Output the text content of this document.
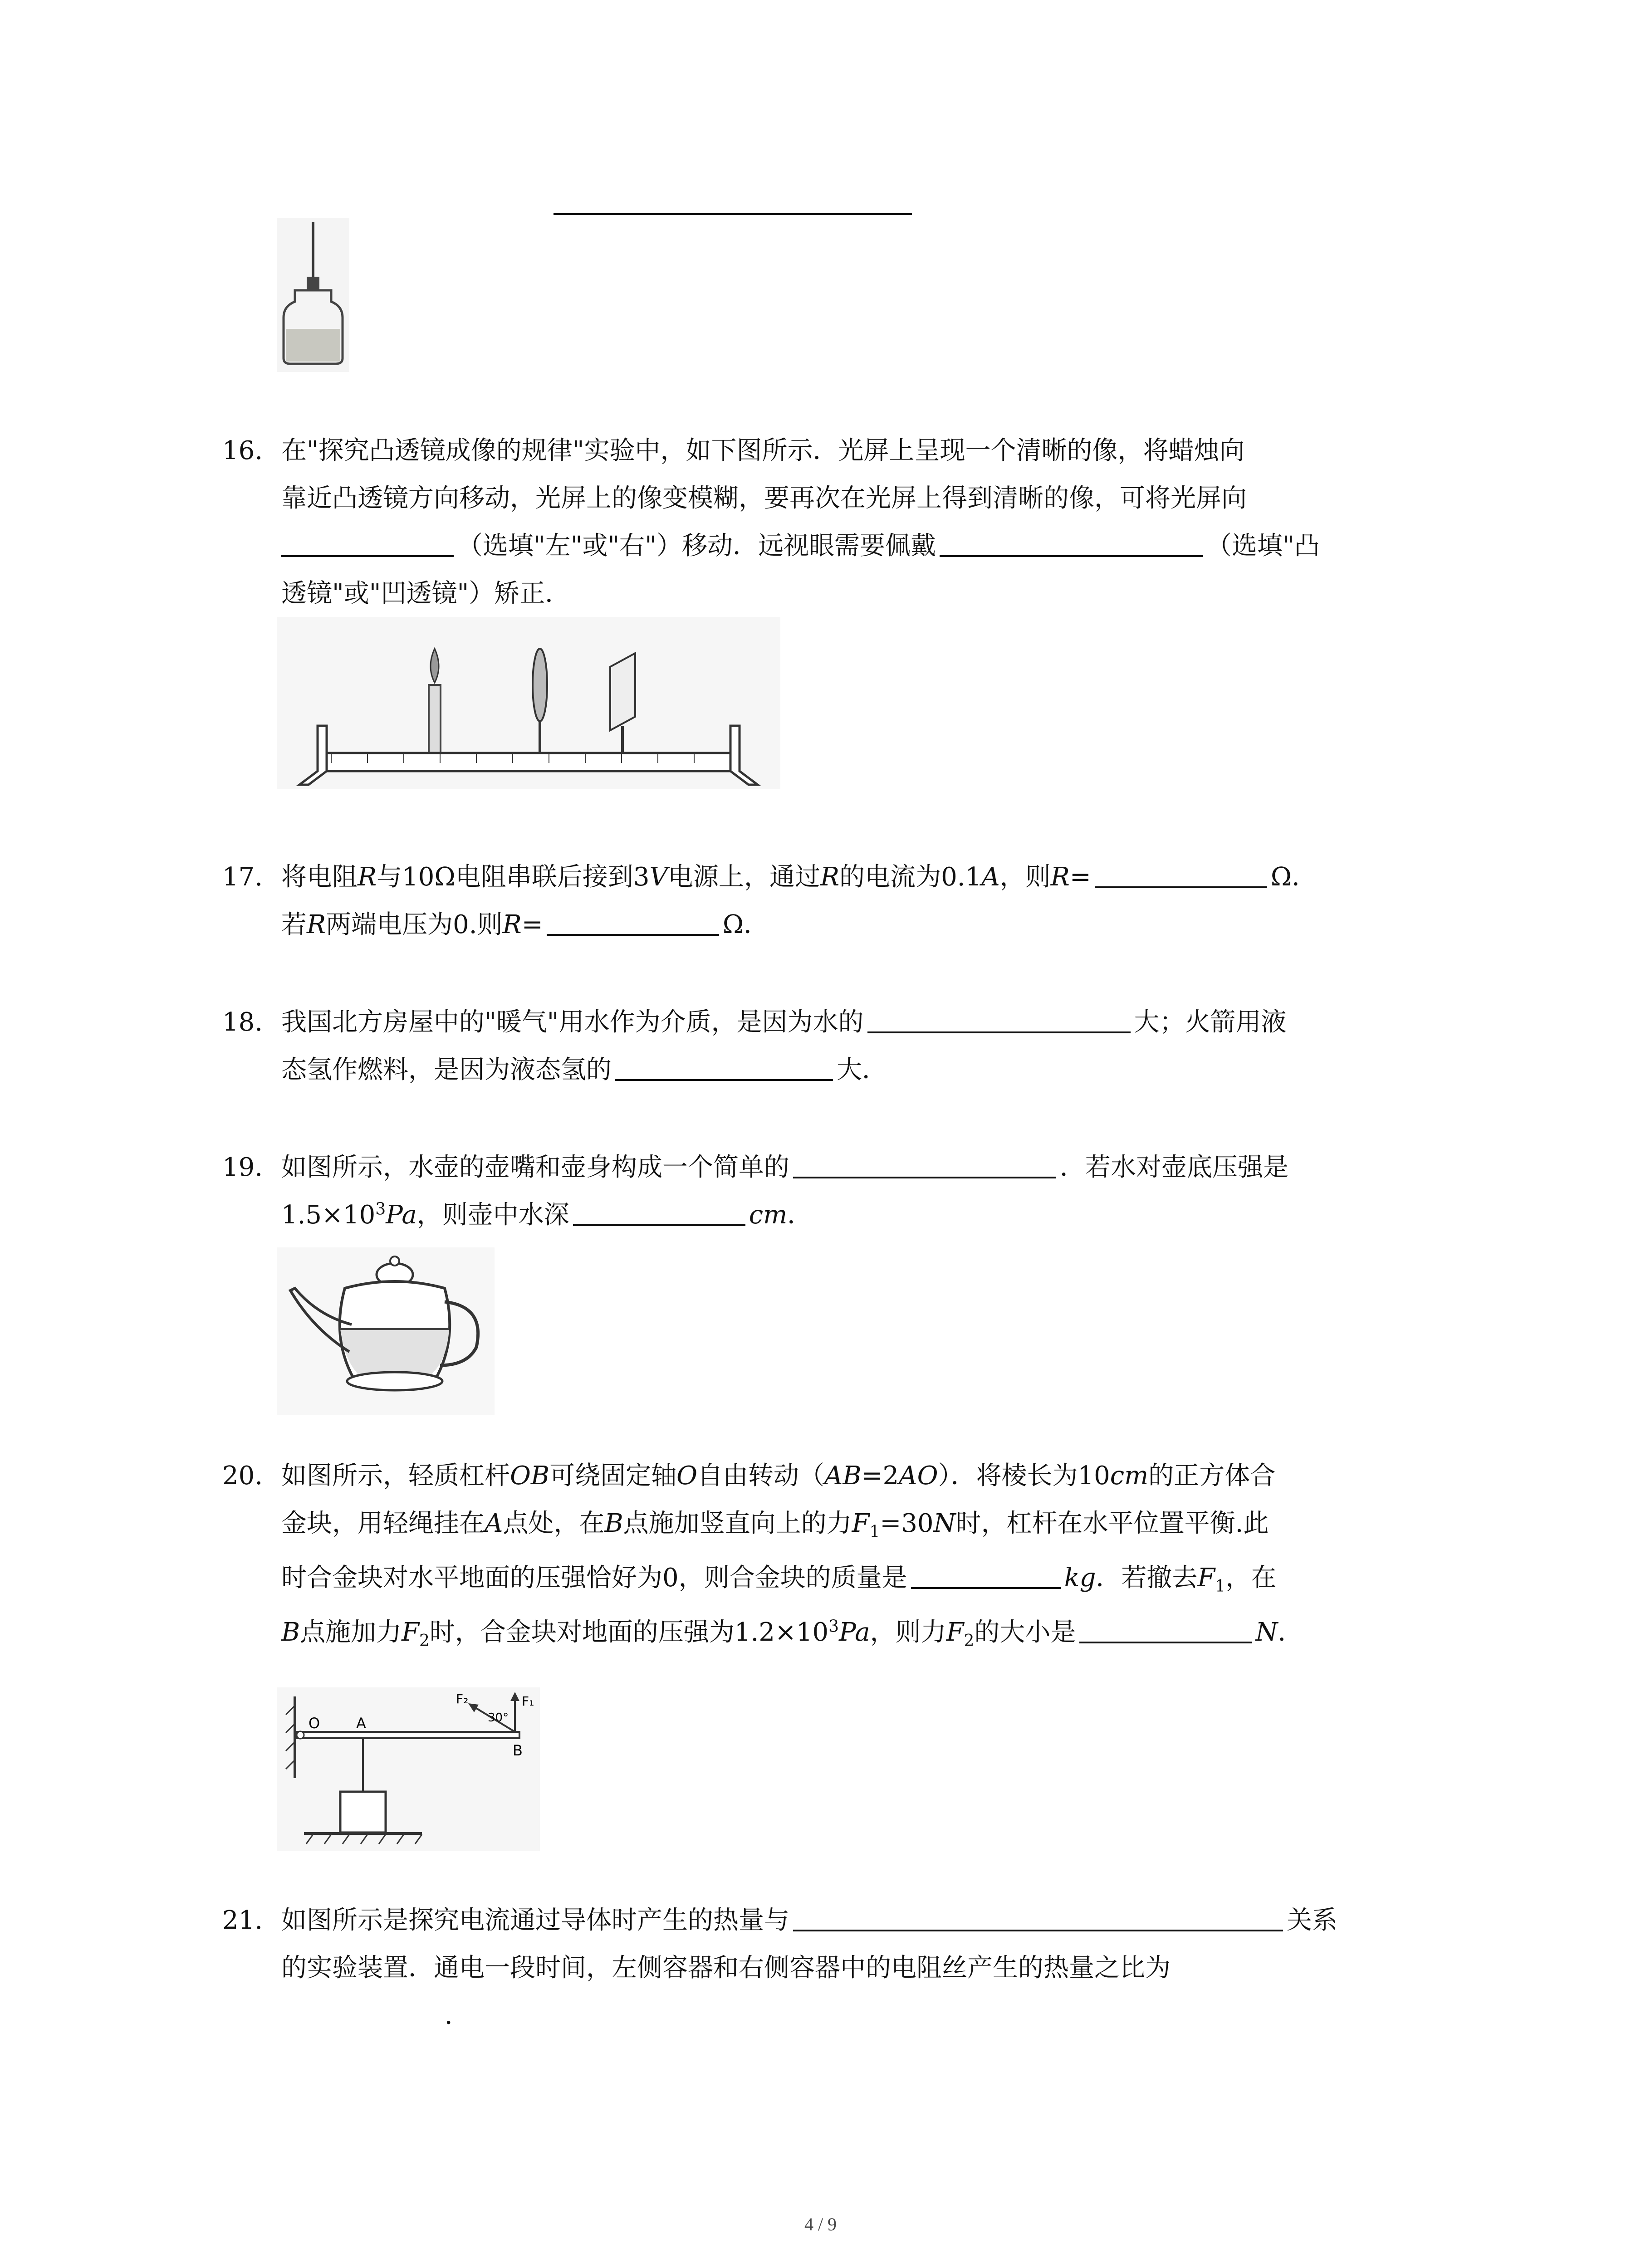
16. 在"探究凸透镜成像的规律"实验中，如下图所示．光屏上呈现一个清晰的像，将蜡烛向
靠近凸透镜方向移动，光屏上的像变模糊，要再次在光屏上得到清晰的像，可将光屏向
（选填"左"或"右"）移动．远视眼需要佩戴	（选填"凸
透镜"或"凹透镜"）矫正．
17. 将电阻R与10Ω电阻串联后接到3V电源上，通过R的电流为0.1A，则R=	Ω．
若R两端电压为0.则R=	Ω．
18. 我国北方房屋中的"暖气"用水作为介质，是因为水的	大；火箭用液
态氢作燃料，是因为液态氢的	大．
19. 如图所示，水壶的壶嘴和壶身构成一个简单的	．若水对壶底压强是
$1.5\times 10^3Pa$，则壶中水深	cm．
20. 如图所示，轻质杠杆OB可绕固定轴O自由转动（AB=2AO）．将棱长为10cm的正方体合
金块，用轻绳挂在A点处，在B点施加竖直向上的力$F_1=30N$时，杠杆在水平位置平衡.此
时合金块对水平地面的压强恰好为0，则合金块的质量是	kg．若撤去$F_1$，在
B点施加力$F_2$时，合金块对地面的压强为$1.2\times 10^3Pa$，则力$F_2$的大小是	N．
O A
B
F₁
F₂
30°
21. 如图所示是探究电流通过导体时产生的热量与	关系
的实验装置．通电一段时间，左侧容器和右侧容器中的电阻丝产生的热量之比为
．
4 / 9
